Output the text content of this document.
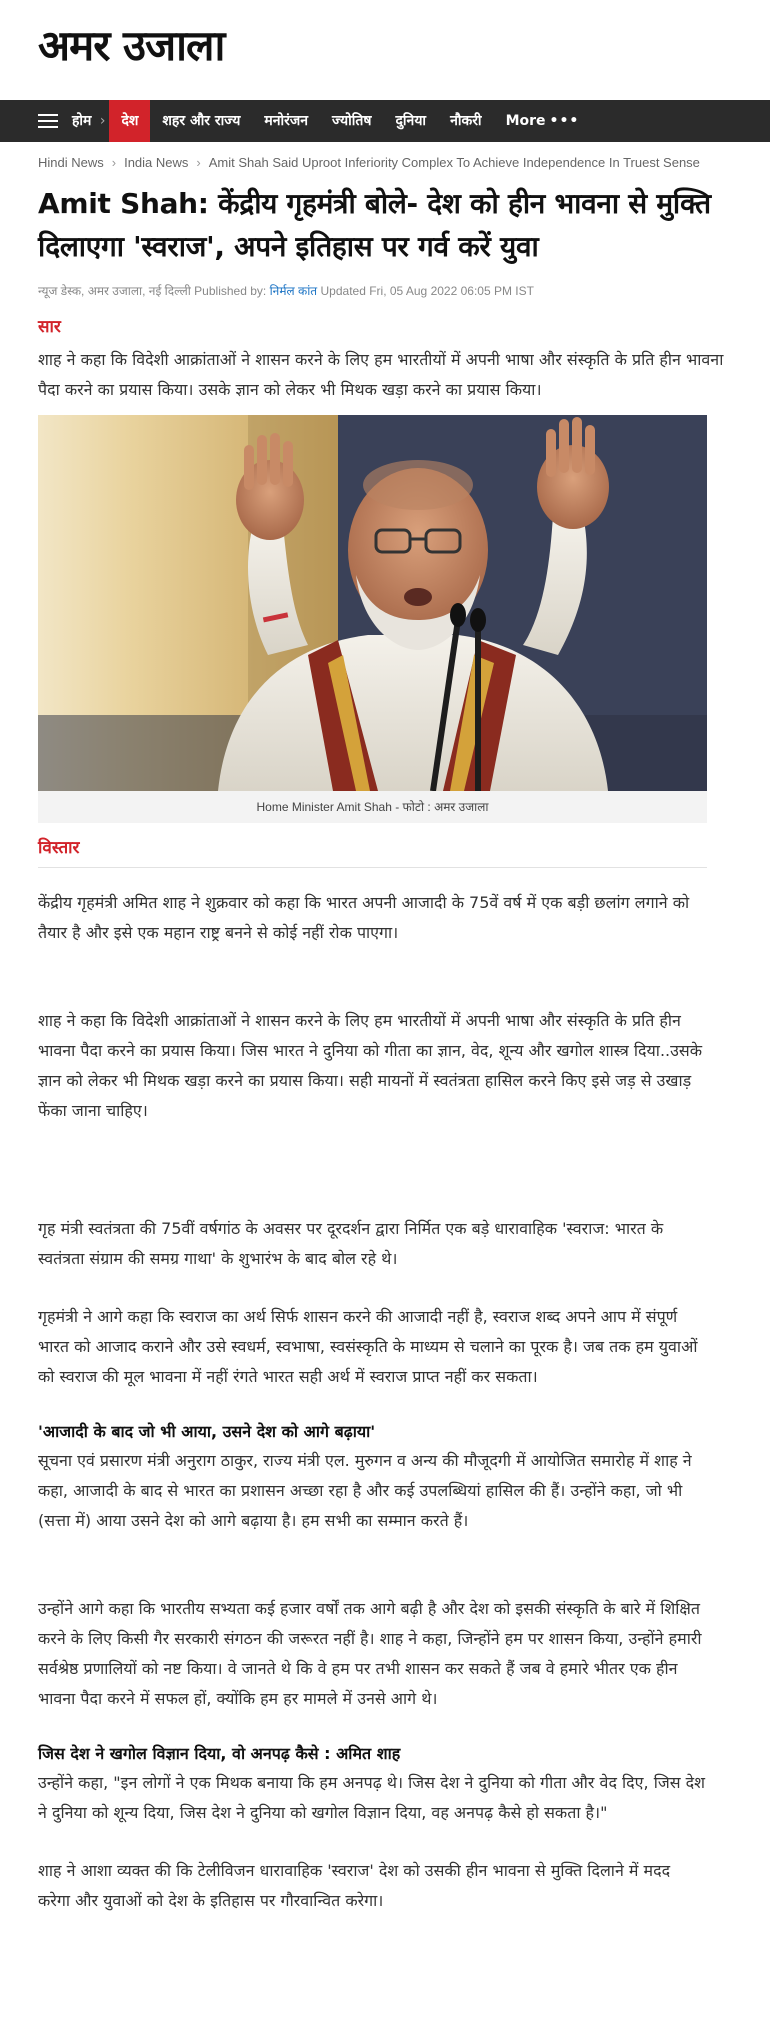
अमर उजाला
होम ›	देश	शहर और राज्य	मनोरंजन	ज्योतिष	दुनिया	नौकरी	More •••
Hindi News › India News › Amit Shah Said Uproot Inferiority Complex To Achieve Independence In Truest Sense
Amit Shah: केंद्रीय गृहमंत्री बोले- देश को हीन भावना से मुक्ति दिलाएगा 'स्वराज', अपने इतिहास पर गर्व करें युवा
न्यूज डेस्क, अमर उजाला, नई दिल्ली Published by: निर्मल कांत Updated Fri, 05 Aug 2022 06:05 PM IST
सार

शाह ने कहा कि विदेशी आक्रांताओं ने शासन करने के लिए हम भारतीयों में अपनी भाषा और संस्कृति के प्रति हीन भावना पैदा करने का प्रयास किया। उसके ज्ञान को लेकर भी मिथक खड़ा करने का प्रयास किया।

Home Minister Amit Shah - फोटो : अमर उजाला
विस्तार

केंद्रीय गृहमंत्री अमित शाह ने शुक्रवार को कहा कि भारत अपनी आजादी के 75वें वर्ष में एक बड़ी छलांग लगाने को तैयार है और इसे एक महान राष्ट्र बनने से कोई नहीं रोक पाएगा।

शाह ने कहा कि विदेशी आक्रांताओं ने शासन करने के लिए हम भारतीयों में अपनी भाषा और संस्कृति के प्रति हीन भावना पैदा करने का प्रयास किया। जिस भारत ने दुनिया को गीता का ज्ञान, वेद, शून्य और खगोल शास्त्र दिया..उसके ज्ञान को लेकर भी मिथक खड़ा करने का प्रयास किया। सही मायनों में स्वतंत्रता हासिल करने किए इसे जड़ से उखाड़ फेंका जाना चाहिए।

गृह मंत्री स्वतंत्रता की 75वीं वर्षगांठ के अवसर पर दूरदर्शन द्वारा निर्मित एक बड़े धारावाहिक 'स्वराज: भारत के स्वतंत्रता संग्राम की समग्र गाथा' के शुभारंभ के बाद बोल रहे थे।

गृहमंत्री ने आगे कहा कि स्वराज का अर्थ सिर्फ शासन करने की आजादी नहीं है, स्वराज शब्द अपने आप में संपूर्ण भारत को आजाद कराने और उसे स्वधर्म, स्वभाषा, स्वसंस्कृति के माध्यम से चलाने का पूरक है। जब तक हम युवाओं को स्वराज की मूल भावना में नहीं रंगते भारत सही अर्थ में स्वराज प्राप्त नहीं कर सकता।

'आजादी के बाद जो भी आया, उसने देश को आगे बढ़ाया'

सूचना एवं प्रसारण मंत्री अनुराग ठाकुर, राज्य मंत्री एल. मुरुगन व अन्य की मौजूदगी में आयोजित समारोह में शाह ने कहा, आजादी के बाद से भारत का प्रशासन अच्छा रहा है और कई उपलब्धियां हासिल की हैं। उन्होंने कहा, जो भी (सत्ता में) आया उसने देश को आगे बढ़ाया है। हम सभी का सम्मान करते हैं।

उन्होंने आगे कहा कि भारतीय सभ्यता कई हजार वर्षों तक आगे बढ़ी है और देश को इसकी संस्कृति के बारे में शिक्षित करने के लिए किसी गैर सरकारी संगठन की जरूरत नहीं है। शाह ने कहा, जिन्होंने हम पर शासन किया, उन्होंने हमारी सर्वश्रेष्ठ प्रणालियों को नष्ट किया। वे जानते थे कि वे हम पर तभी शासन कर सकते हैं जब वे हमारे भीतर एक हीन भावना पैदा करने में सफल हों, क्योंकि हम हर मामले में उनसे आगे थे।

जिस देश ने खगोल विज्ञान दिया, वो अनपढ़ कैसे : अमित शाह

उन्होंने कहा, "इन लोगों ने एक मिथक बनाया कि हम अनपढ़ थे। जिस देश ने दुनिया को गीता और वेद दिए, जिस देश ने दुनिया को शून्य दिया, जिस देश ने दुनिया को खगोल विज्ञान दिया, वह अनपढ़ कैसे हो सकता है।"

शाह ने आशा व्यक्त की कि टेलीविजन धारावाहिक 'स्वराज' देश को उसकी हीन भावना से मुक्ति दिलाने में मदद करेगा और युवाओं को देश के इतिहास पर गौरवान्वित करेगा।
